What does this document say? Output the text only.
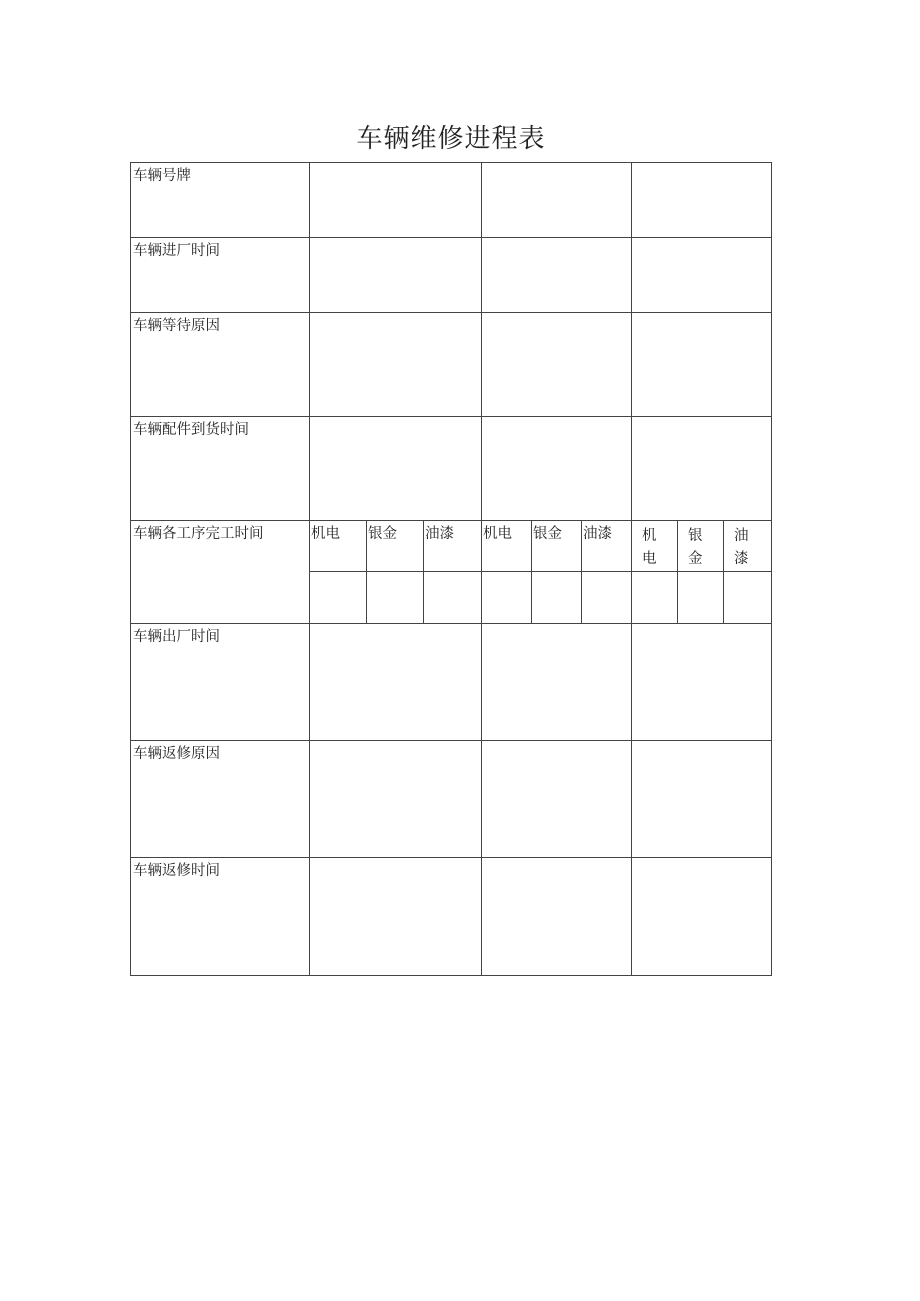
车辆维修进程表
车辆号牌									
车辆进厂时间									
车辆等待原因									
车辆配件到货时间									
车辆各工序完工时间	机电	银金	油漆	机电	银金	油漆	机电	银金	油漆

车辆出厂时间									
车辆返修原因									
车辆返修时间									
